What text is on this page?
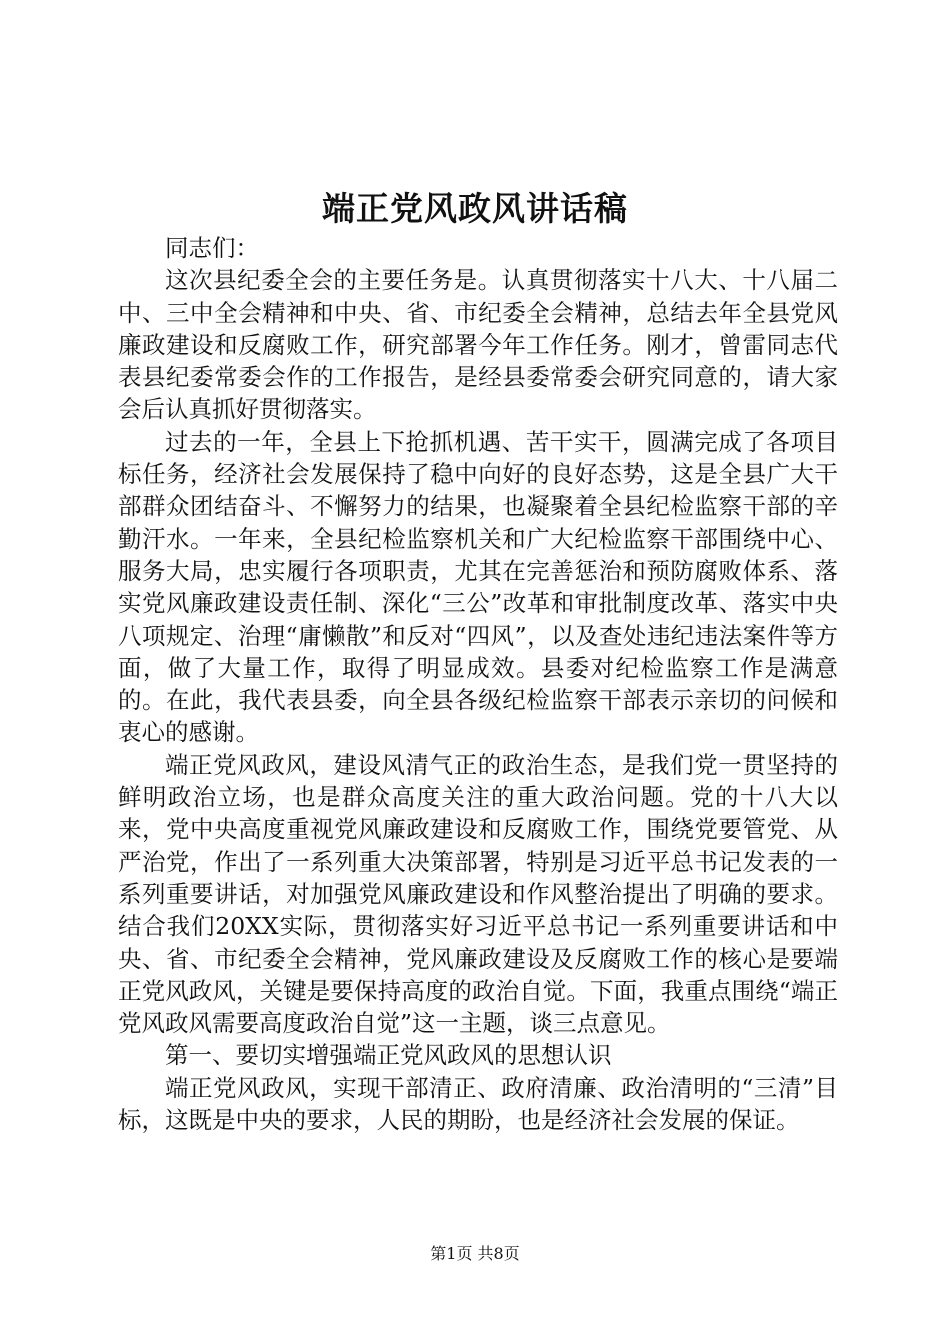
端正党风政风讲话稿

同志们：

这次县纪委全会的主要任务是。认真贯彻落实十八大、十八届二中、三中全会精神和中央、省、市纪委全会精神，总结去年全县党风廉政建设和反腐败工作，研究部署今年工作任务。刚才，曾雷同志代表县纪委常委会作的工作报告，是经县委常委会研究同意的，请大家会后认真抓好贯彻落实。

过去的一年，全县上下抢抓机遇、苦干实干，圆满完成了各项目标任务，经济社会发展保持了稳中向好的良好态势，这是全县广大干部群众团结奋斗、不懈努力的结果，也凝聚着全县纪检监察干部的辛勤汗水。一年来，全县纪检监察机关和广大纪检监察干部围绕中心、服务大局，忠实履行各项职责，尤其在完善惩治和预防腐败体系、落实党风廉政建设责任制、深化“三公”改革和审批制度改革、落实中央八项规定、治理“庸懒散”和反对“四风”，以及查处违纪违法案件等方面，做了大量工作，取得了明显成效。县委对纪检监察工作是满意的。在此，我代表县委，向全县各级纪检监察干部表示亲切的问候和衷心的感谢。

端正党风政风，建设风清气正的政治生态，是我们党一贯坚持的鲜明政治立场，也是群众高度关注的重大政治问题。党的十八大以来，党中央高度重视党风廉政建设和反腐败工作，围绕党要管党、从严治党，作出了一系列重大决策部署，特别是习近平总书记发表的一系列重要讲话，对加强党风廉政建设和作风整治提出了明确的要求。结合我们20XX实际，贯彻落实好习近平总书记一系列重要讲话和中央、省、市纪委全会精神，党风廉政建设及反腐败工作的核心是要端正党风政风，关键是要保持高度的政治自觉。下面，我重点围绕“端正党风政风需要高度政治自觉”这一主题，谈三点意见。

第一、要切实增强端正党风政风的思想认识

端正党风政风，实现干部清正、政府清廉、政治清明的“三清”目标，这既是中央的要求，人民的期盼，也是经济社会发展的保证。

第1页 共8页
